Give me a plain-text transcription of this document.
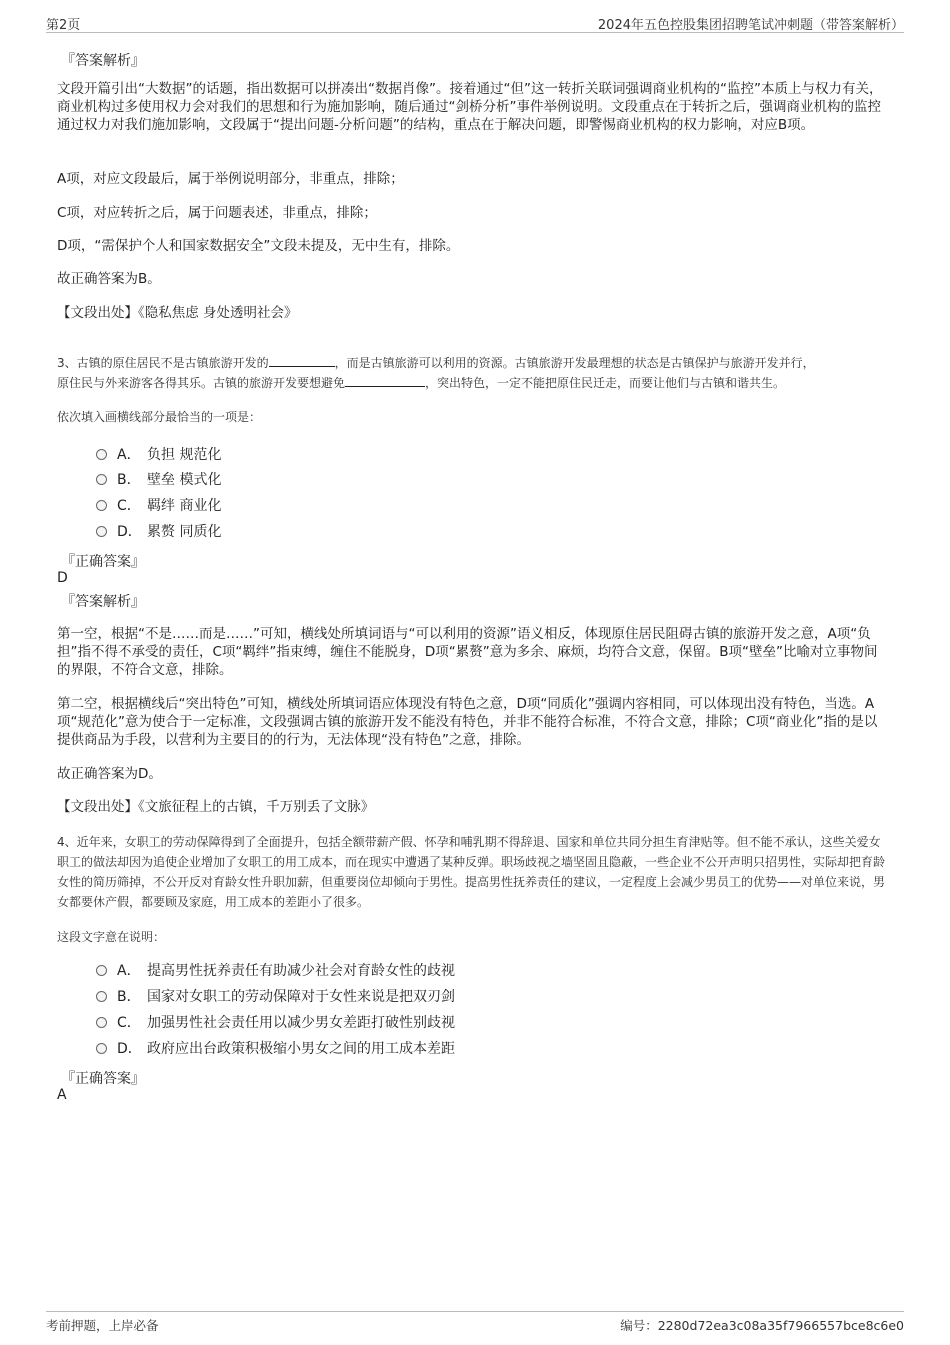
第2页	2024年五色控股集团招聘笔试冲刺题（带答案解析）
『答案解析』
文段开篇引出“大数据”的话题，指出数据可以拼凑出“数据肖像”。接着通过“但”这一转折关联词强调商业机构的“监控”本质上与权力有关，商业机构过多使用权力会对我们的思想和行为施加影响，随后通过“剑桥分析”事件举例说明。文段重点在于转折之后，强调商业机构的监控通过权力对我们施加影响，文段属于“提出问题-分析问题”的结构，重点在于解决问题，即警惕商业机构的权力影响，对应B项。
A项，对应文段最后，属于举例说明部分，非重点，排除；
C项，对应转折之后，属于问题表述，非重点，排除；
D项，“需保护个人和国家数据安全”文段未提及，无中生有，排除。
故正确答案为B。
【文段出处】《隐私焦虑 身处透明社会》
3、古镇的原住居民不是古镇旅游开发的	，而是古镇旅游可以利用的资源。古镇旅游开发最理想的状态是古镇保护与旅游开发并行，
原住民与外来游客各得其乐。古镇的旅游开发要想避免	，突出特色，一定不能把原住民迁走，而要让他们与古镇和谐共生。
依次填入画横线部分最恰当的一项是：
A． 负担 规范化
B． 壁垒 模式化
C． 羁绊 商业化
D． 累赘 同质化
『正确答案』
D
『答案解析』
第一空，根据“不是……而是……”可知，横线处所填词语与“可以利用的资源”语义相反，体现原住居民阻碍古镇的旅游开发之意，A项“负担”指不得不承受的责任，C项“羁绊”指束缚，缠住不能脱身，D项“累赘”意为多余、麻烦，均符合文意，保留。B项“壁垒”比喻对立事物间的界限，不符合文意，排除。
第二空，根据横线后“突出特色”可知，横线处所填词语应体现没有特色之意，D项“同质化”强调内容相同，可以体现出没有特色，当选。A项“规范化”意为使合于一定标准，文段强调古镇的旅游开发不能没有特色，并非不能符合标准，不符合文意，排除；C项“商业化”指的是以提供商品为手段，以营利为主要目的的行为，无法体现“没有特色”之意，排除。
故正确答案为D。
【文段出处】《文旅征程上的古镇，千万别丢了文脉》
4、近年来，女职工的劳动保障得到了全面提升，包括全额带薪产假、怀孕和哺乳期不得辞退、国家和单位共同分担生育津贴等。但不能不承认，这些关爱女职工的做法却因为追使企业增加了女职工的用工成本，而在现实中遭遇了某种反弹。职场歧视之墙坚固且隐蔽，一些企业不公开声明只招男性，实际却把育龄女性的简历筛掉，不公开反对育龄女性升职加薪，但重要岗位却倾向于男性。提高男性抚养责任的建议，一定程度上会减少男员工的优势——对单位来说，男女都要休产假，都要顾及家庭，用工成本的差距小了很多。
这段文字意在说明：
A． 提高男性抚养责任有助减少社会对育龄女性的歧视
B． 国家对女职工的劳动保障对于女性来说是把双刃剑
C． 加强男性社会责任用以减少男女差距打破性别歧视
D． 政府应出台政策积极缩小男女之间的用工成本差距
『正确答案』
A
考前押题，上岸必备	编号：2280d72ea3c08a35f7966557bce8c6e0
